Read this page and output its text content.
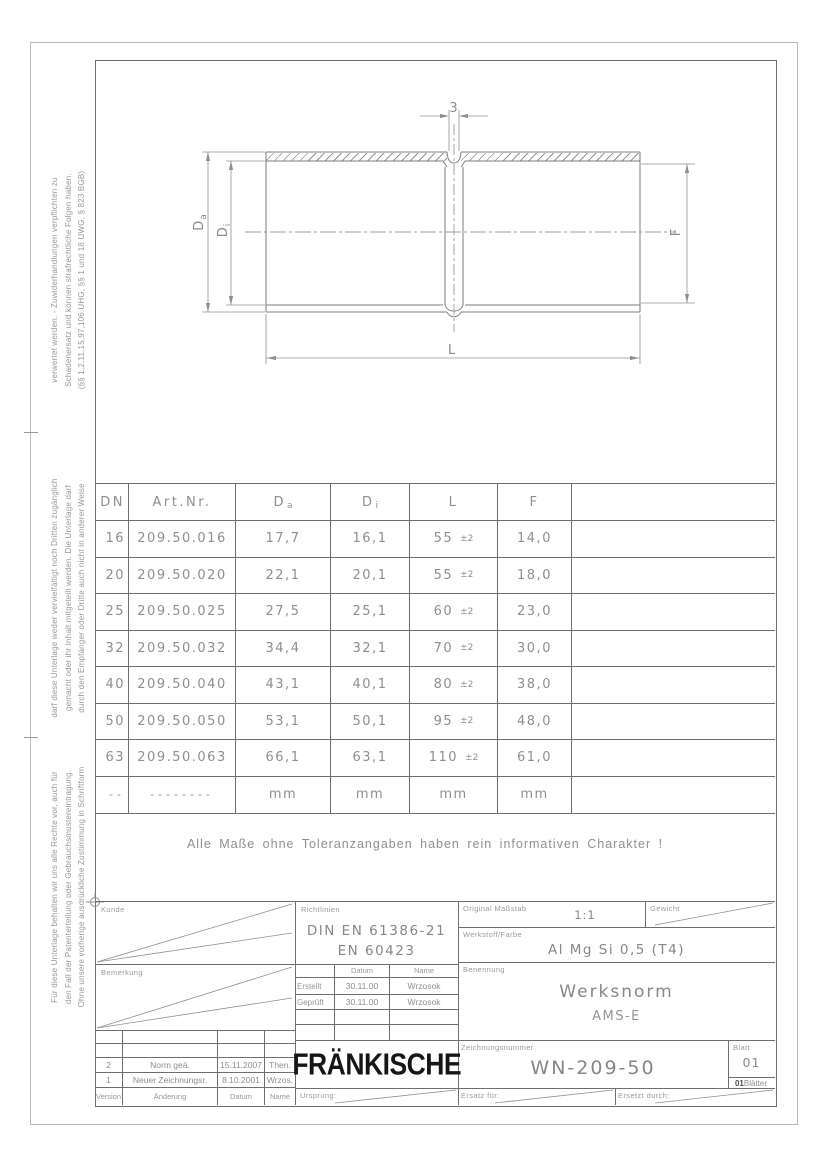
verwertet werden. - Zuwiderhandlungen verpflichten zu Schadenersatz und können strafrechtliche Folgen haben. (§§ 1,2,11,15,97,106 UHG, §§ 1 und 18 UWG, § 823 BGB)
darf diese Unterlage weder vervielfältigt noch Dritten zugänglich gemacht oder ihr Inhalt mitgeteilt werden. Die Unterlage darf durch den Empfänger oder Dritte auch nicht in anderer Weise
Für diese Unterlage behalten wir uns alle Rechte vor, auch für den Fall der Patenterteilung oder Gebrauchsmustereintragung. Ohne unsere vorherige ausdrückliche Zustimmung in Schriftform
$D_a$
$D_i$
F
L
3
DN	Art.Nr.	D a	D i	L	F
16 209.50.016	17,7	16,1	55 ±2	14,0
20 209.50.020	22,1	20,1	55 ±2	18,0
25 209.50.025	27,5	25,1	60 ±2	23,0
32 209.50.032	34,4	32,1	70 ±2	30,0
40 209.50.040	43,1	40,1	80 ±2	38,0
50 209.50.050	53,1	50,1	95 ±2	48,0
63 209.50.063	66,1	63,1	110 ±2	61,0
--	--------	mm	mm	mm	mm
Alle Maße ohne Toleranzangaben haben rein informativen Charakter !
Kunde	Richtlinien
DIN EN 61386-21
EN 60423
Bemerkung	Datum	Name
Erstellt	30.11.00	Wrzosok
Geprüft	30.11.00	Wrzosok
2	Norm geä.	15.11.2007 Then.
1	Neuer Zeichnungsr.	8.10.2001 Wrzos.
Version	Änderung	Datum	Name
FRÄNKISCHE
Ursprung:
Original Maßstab	1:1	Gewicht
Werkstoff/Farbe
Al Mg Si 0,5 (T4)
Benennung
Werksnorm
AMS-E
Zeichnungsnummer
WN-209-50
Blatt
01
01Blätter
Ersatz für:	Ersetzt durch:
